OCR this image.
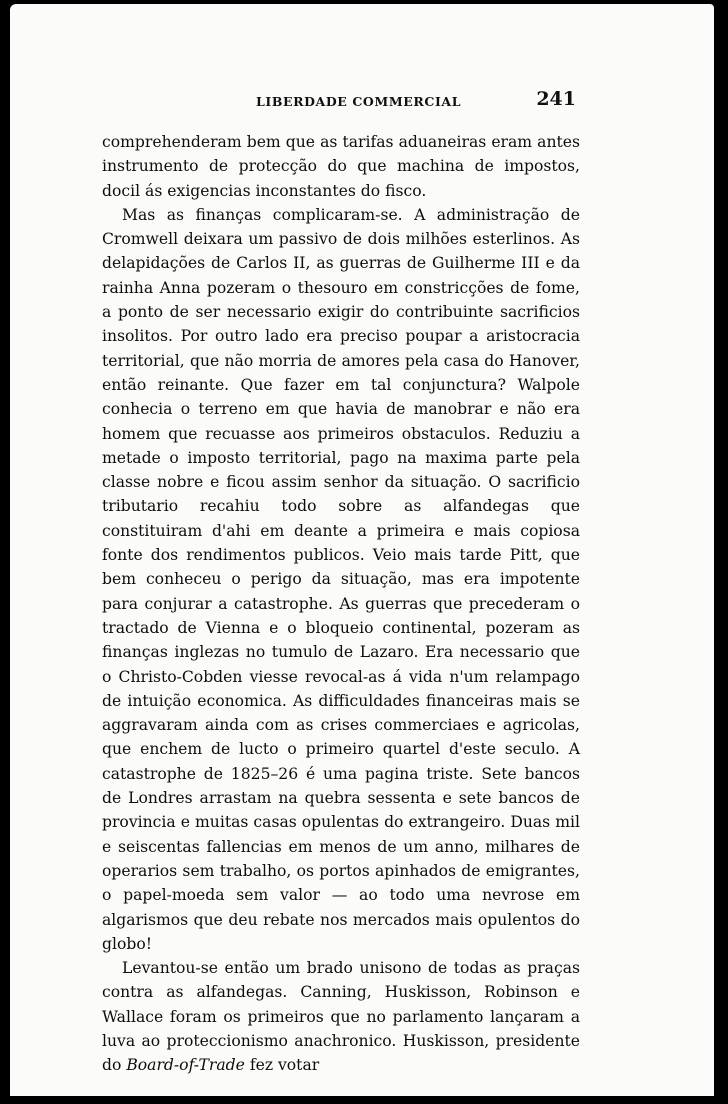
LIBERDADE COMMERCIAL	241

comprehenderam bem que as tarifas aduaneiras eram antes instrumento de protecção do que machina de impostos, docil ás exigencias inconstantes do fisco.

Mas as finanças complicaram-se. A administração de Cromwell deixara um passivo de dois milhões esterlinos. As delapidações de Carlos II, as guerras de Guilherme III e da rainha Anna pozeram o thesouro em constricções de fome, a ponto de ser necessario exigir do contribuinte sacrificios insolitos. Por outro lado era preciso poupar a aristocracia territorial, que não morria de amores pela casa do Hanover, então reinante. Que fazer em tal conjunctura? Walpole conhecia o terreno em que havia de manobrar e não era homem que recuasse aos primeiros obstaculos. Reduziu a metade o imposto territorial, pago na maxima parte pela classe nobre e ficou assim senhor da situação. O sacrificio tributario recahiu todo sobre as alfandegas que constituiram d'ahi em deante a primeira e mais copiosa fonte dos rendimentos publicos. Veio mais tarde Pitt, que bem conheceu o perigo da situação, mas era impotente para conjurar a catastrophe. As guerras que precederam o tractado de Vienna e o bloqueio continental, pozeram as finanças inglezas no tumulo de Lazaro. Era necessario que o Christo-Cobden viesse revocal-as á vida n'um relampago de intuição economica. As difficuldades financeiras mais se aggravaram ainda com as crises commerciaes e agricolas, que enchem de lucto o primeiro quartel d'este seculo. A catastrophe de 1825–26 é uma pagina triste. Sete bancos de Londres arrastam na quebra sessenta e sete bancos de provincia e muitas casas opulentas do extrangeiro. Duas mil e seiscentas fallencias em menos de um anno, milhares de operarios sem trabalho, os portos apinhados de emigrantes, o papel-moeda sem valor — ao todo uma nevrose em algarismos que deu rebate nos mercados mais opulentos do globo!

Levantou-se então um brado unisono de todas as praças contra as alfandegas. Canning, Huskisson, Robinson e Wallace foram os primeiros que no parlamento lançaram a luva ao proteccionismo anachronico. Huskisson, presidente do Board-of-Trade fez votar
